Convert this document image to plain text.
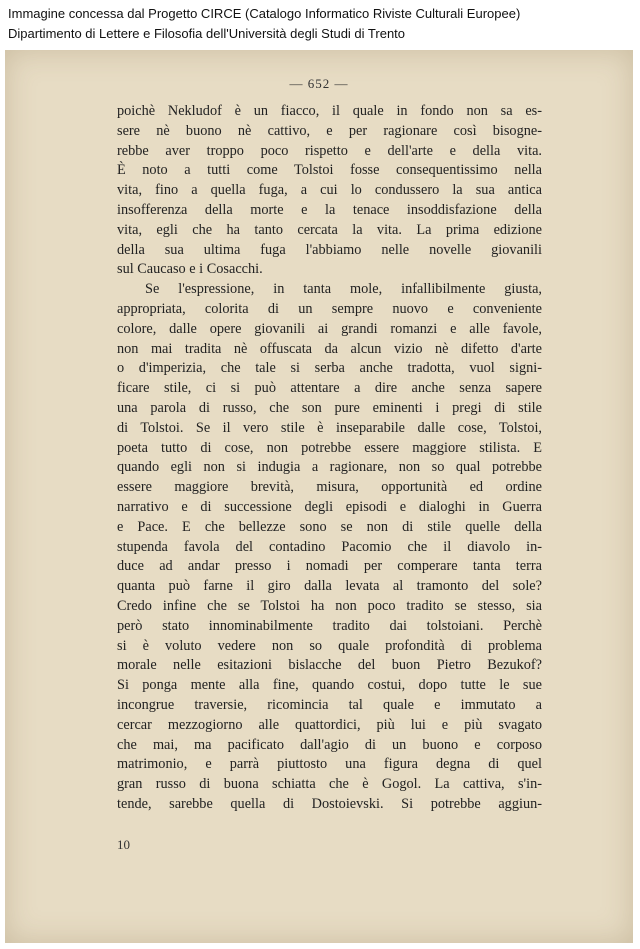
Immagine concessa dal Progetto CIRCE (Catalogo Informatico Riviste Culturali Europee)
Dipartimento di Lettere e Filosofia dell'Università degli Studi di Trento
— 652 —
poichè Nekludof è un fiacco, il quale in fondo non sa es-
sere nè buono nè cattivo, e per ragionare così bisogne-
rebbe aver troppo poco rispetto e dell'arte e della vita.
È noto a tutti come Tolstoi fosse consequentissimo nella
vita, fino a quella fuga, a cui lo condussero la sua antica
insofferenza della morte e la tenace insoddisfazione della
vita, egli che ha tanto cercata la vita. La prima edizione
della sua ultima fuga l'abbiamo nelle novelle giovanili
sul Caucaso e i Cosacchi.
Se l'espressione, in tanta mole, infallibilmente giusta,
appropriata, colorita di un sempre nuovo e conveniente
colore, dalle opere giovanili ai grandi romanzi e alle favole,
non mai tradita nè offuscata da alcun vizio nè difetto d'arte
o d'imperizia, che tale si serba anche tradotta, vuol signi-
ficare stile, ci si può attentare a dire anche senza sapere
una parola di russo, che son pure eminenti i pregi di stile
di Tolstoi. Se il vero stile è inseparabile dalle cose, Tolstoi,
poeta tutto di cose, non potrebbe essere maggiore stilista. E
quando egli non si indugia a ragionare, non so qual potrebbe
essere maggiore brevità, misura, opportunità ed ordine
narrativo e di successione degli episodi e dialoghi in Guerra
e Pace. E che bellezze sono se non di stile quelle della
stupenda favola del contadino Pacomio che il diavolo in-
duce ad andar presso i nomadi per comperare tanta terra
quanta può farne il giro dalla levata al tramonto del sole?
Credo infine che se Tolstoi ha non poco tradito se stesso, sia
però stato innominabilmente tradito dai tolstoiani. Perchè
si è voluto vedere non so quale profondità di problema
morale nelle esitazioni bislacche del buon Pietro Bezukof?
Si ponga mente alla fine, quando costui, dopo tutte le sue
incongrue traversie, ricomincia tal quale e immutato a
cercar mezzogiorno alle quattordici, più lui e più svagato
che mai, ma pacificato dall'agio di un buono e corposo
matrimonio, e parrà piuttosto una figura degna di quel
gran russo di buona schiatta che è Gogol. La cattiva, s'in-
tende, sarebbe quella di Dostoievski. Si potrebbe aggiun-
10
